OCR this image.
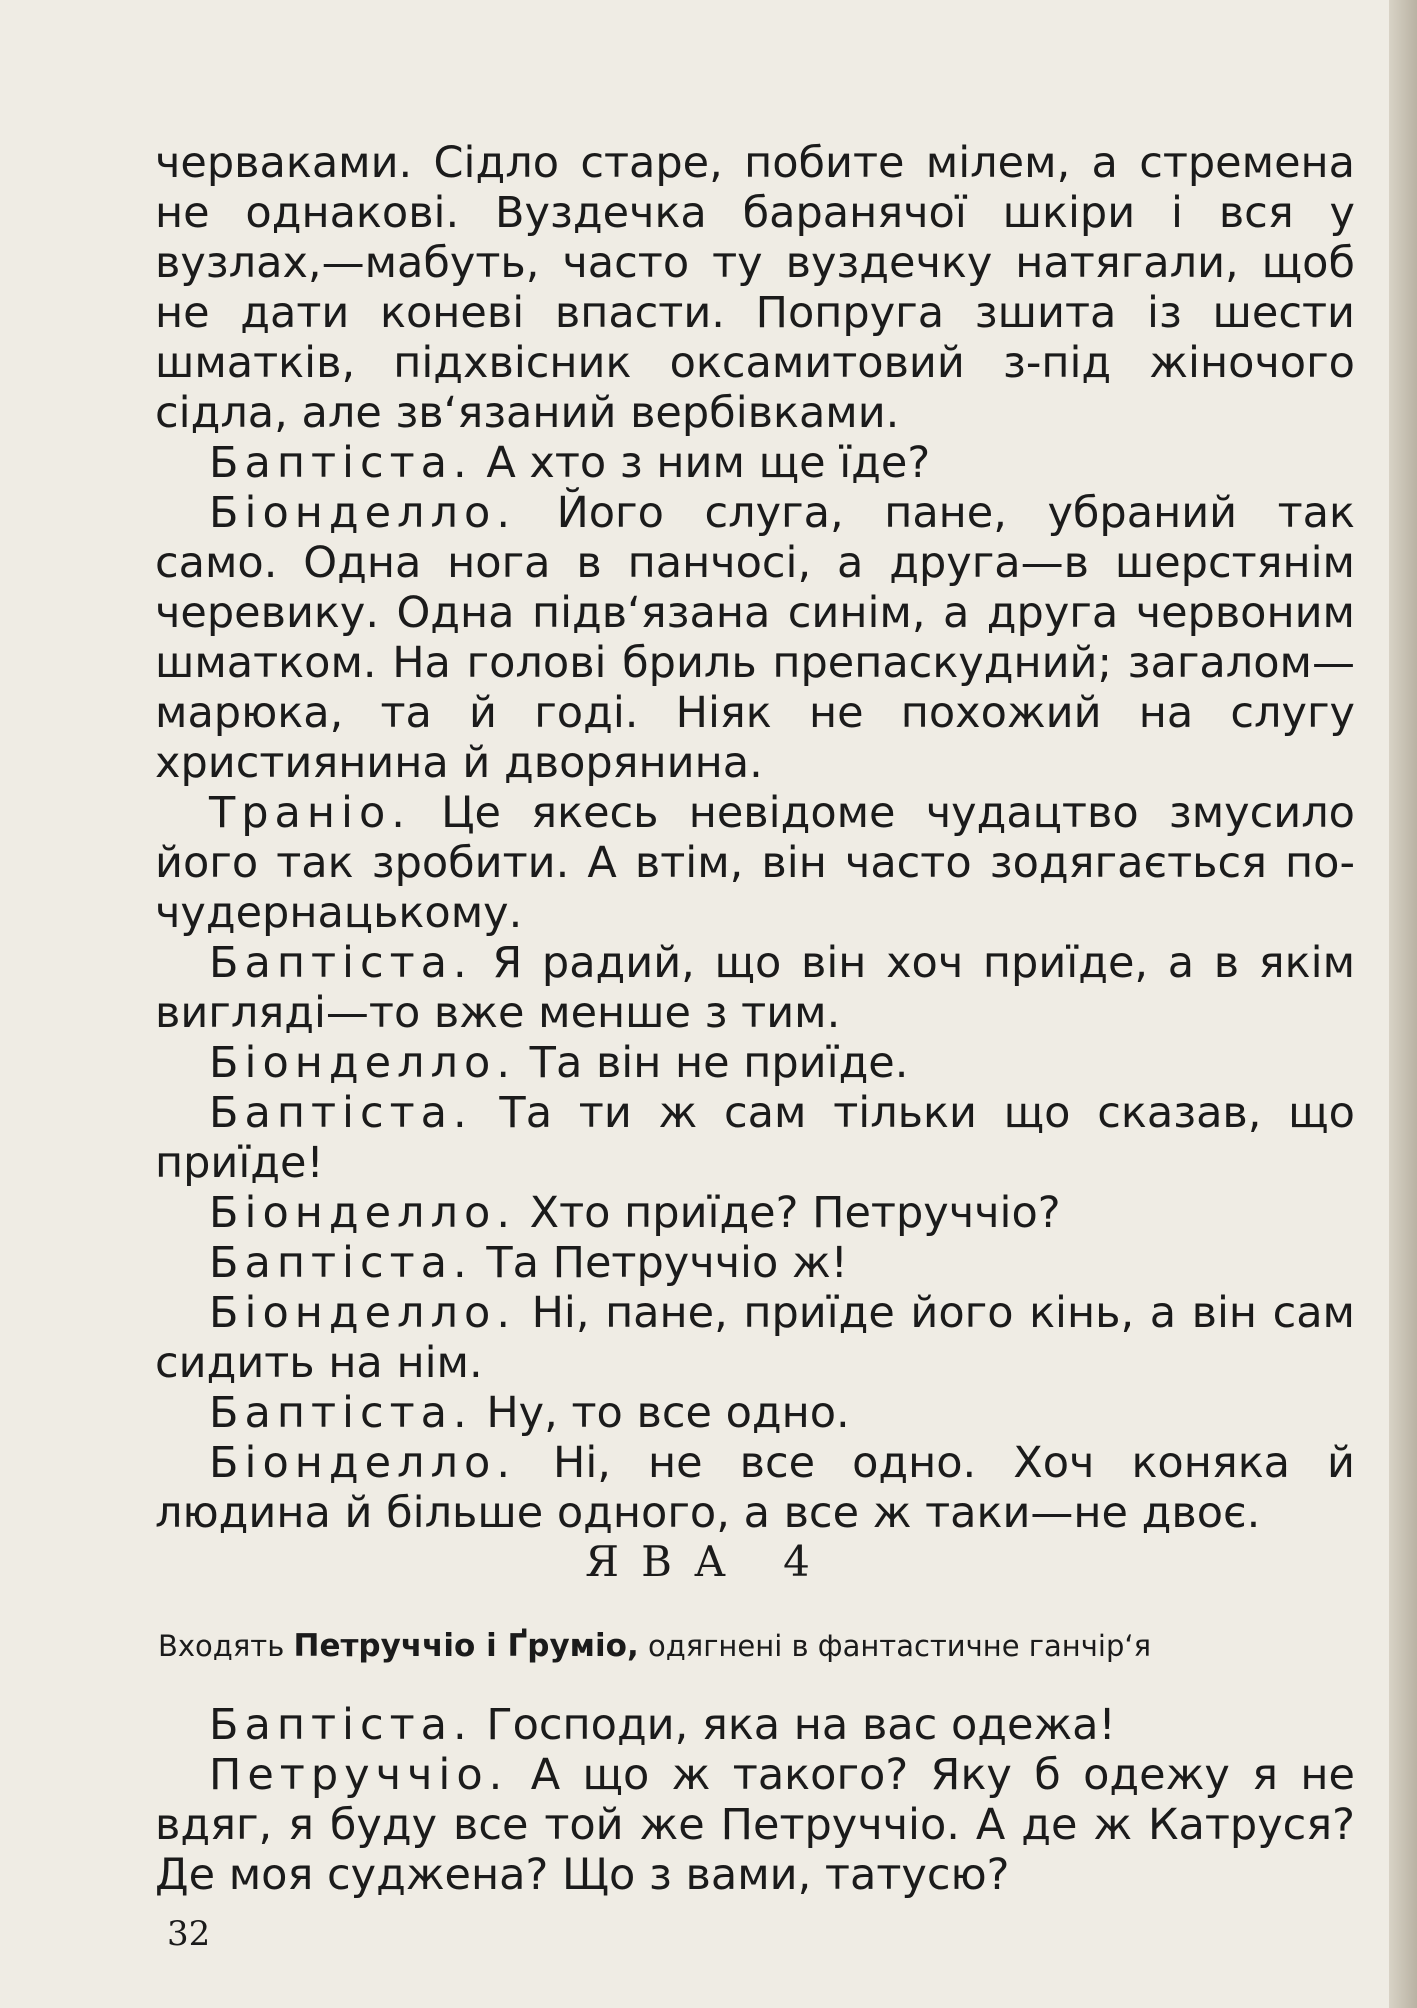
червакaми. Сідло старе, побите мілем, а стремена не однакові. Вуздечка баранячої шкіри і вся у вузлах,—мабуть, часто ту вуздечку натягали, щоб не дати коневі впасти. Попруга зшита із шести шматків, підхвісник оксамитовий з-під жіночого сідла, але зв‘язаний вербівками.

Баптіста. А хто з ним ще їде?

Біонделло. Його слуга, пане, убраний так само. Одна нога в панчосі, а друга—в шерстянім черевику. Одна підв‘язана синім, а друга червоним шматком. На голові бриль препаскудний; загалом—марюка, та й годі. Ніяк не похожий на слугу християнина й дворянина.

Траніо. Це якесь невідоме чудацтво змусило його так зробити. А втім, він часто зодягається по-чудернацькому.

Баптіста. Я радий, що він хоч приїде, а в якім вигляді—то вже менше з тим.

Біонделло. Та він не приїде.

Баптіста. Та ти ж сам тільки що сказав, що приїде!

Біонделло. Хто приїде? Петруччіо?

Баптіста. Та Петруччіо ж!

Біонделло. Ні, пане, приїде його кінь, а він сам сидить на нім.

Баптіста. Ну, то все одно.

Біонделло. Ні, не все одно. Хоч коняка й людина й більше одного, а все ж таки—не двоє.

ЯВА 4
Входять Петруччіо і Ґруміо, одягнені в фантастичне ганчір‘я

Баптіста. Господи, яка на вас одежа!

Петруччіо. А що ж такого? Яку б одежу я не вдяг, я буду все той же Петруччіо. А де ж Катруся? Де моя суджена? Що з вами, татусю?

32
